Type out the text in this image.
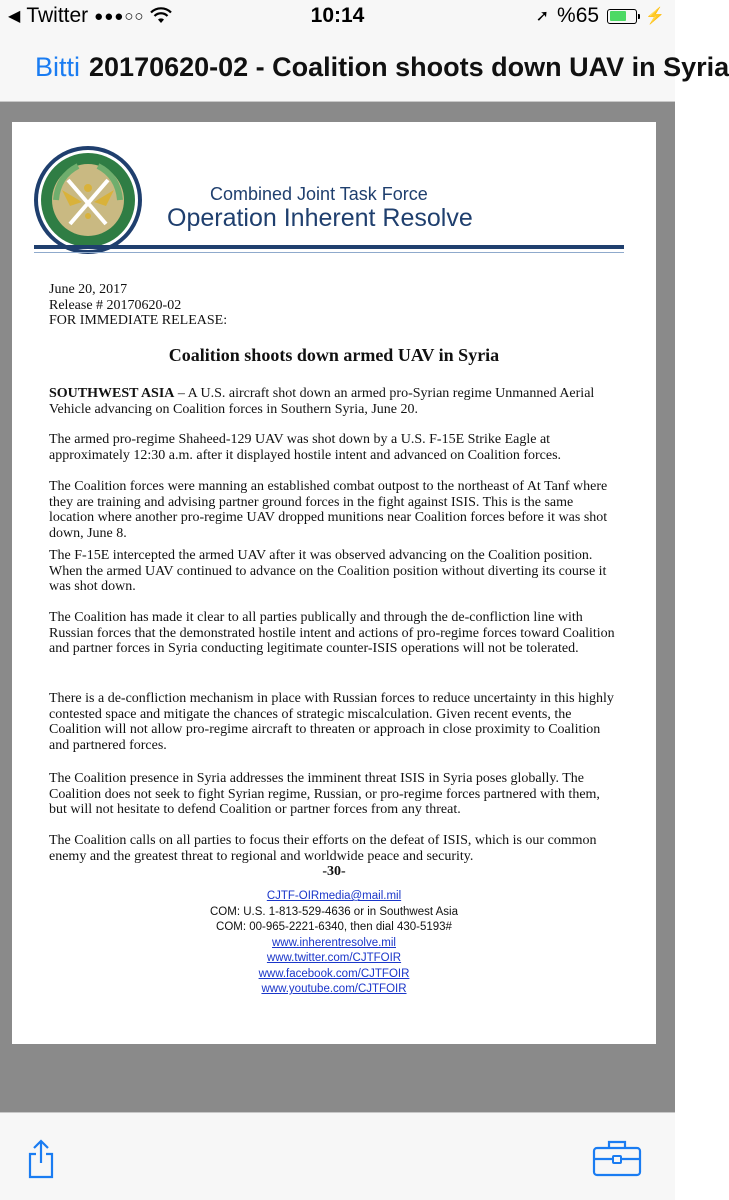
◀ Twitter ●●●○○	10:14	➚ %65	⚡
Bitti 20170620-02 - Coalition shoots down UAV in Syria
Combined Joint Task Force
Operation Inherent Resolve
June 20, 2017
Release # 20170620-02
FOR IMMEDIATE RELEASE:
Coalition shoots down armed UAV in Syria
SOUTHWEST ASIA – A U.S. aircraft shot down an armed pro-Syrian regime Unmanned Aerial Vehicle advancing on Coalition forces in Southern Syria, June 20.
The armed pro-regime Shaheed-129 UAV was shot down by a U.S. F-15E Strike Eagle at approximately 12:30 a.m. after it displayed hostile intent and advanced on Coalition forces.
The Coalition forces were manning an established combat outpost to the northeast of At Tanf where they are training and advising partner ground forces in the fight against ISIS. This is the same location where another pro-regime UAV dropped munitions near Coalition forces before it was shot down, June 8.
The F-15E intercepted the armed UAV after it was observed advancing on the Coalition position. When the armed UAV continued to advance on the Coalition position without diverting its course it was shot down.
The Coalition has made it clear to all parties publically and through the de-confliction line with Russian forces that the demonstrated hostile intent and actions of pro-regime forces toward Coalition and partner forces in Syria conducting legitimate counter-ISIS operations will not be tolerated.
There is a de-confliction mechanism in place with Russian forces to reduce uncertainty in this highly contested space and mitigate the chances of strategic miscalculation. Given recent events, the Coalition will not allow pro-regime aircraft to threaten or approach in close proximity to Coalition and partnered forces.
The Coalition presence in Syria addresses the imminent threat ISIS in Syria poses globally. The Coalition does not seek to fight Syrian regime, Russian, or pro-regime forces partnered with them, but will not hesitate to defend Coalition or partner forces from any threat.
The Coalition calls on all parties to focus their efforts on the defeat of ISIS, which is our common enemy and the greatest threat to regional and worldwide peace and security.
-30-
CJTF-OIRmedia@mail.mil
COM: U.S. 1-813-529-4636 or in Southwest Asia
COM: 00-965-2221-6340, then dial 430-5193#
www.inherentresolve.mil
www.twitter.com/CJTFOIR
www.facebook.com/CJTFOIR
www.youtube.com/CJTFOIR
